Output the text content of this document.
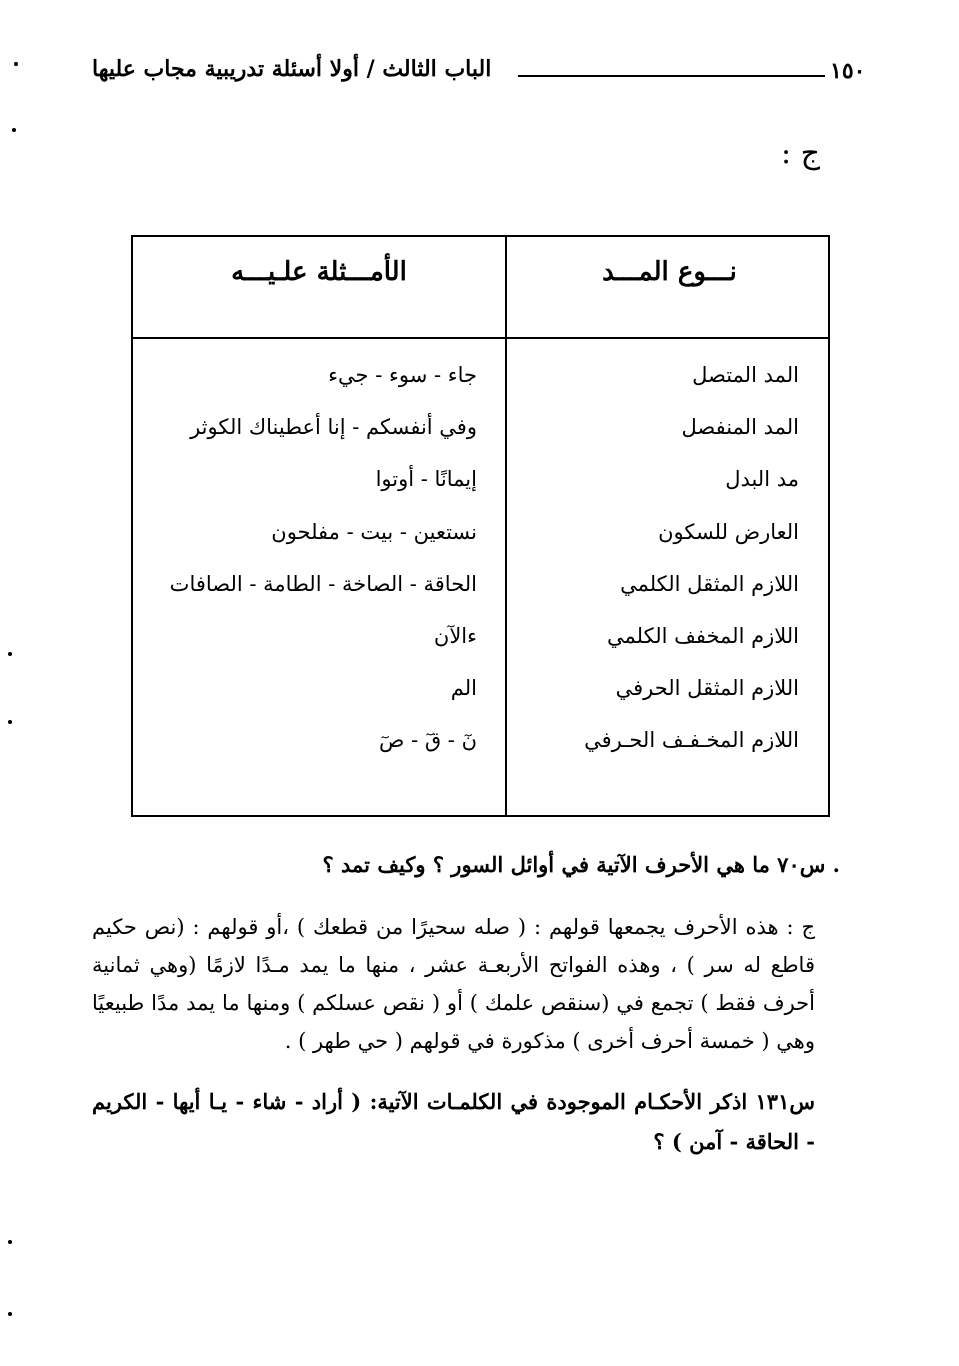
١٥٠
الباب الثالث / أولا أسئلة تدريبية مجاب عليها
ج :
نـــوع المـــد
الأمـــثلة علـيـــه
المد المتصل
المد المنفصل
مد البدل
العارض للسكون
اللازم المثقل الكلمي
اللازم المخفف الكلمي
اللازم المثقل الحرفي
اللازم المخـفـف الحـرفي
جاء - سوء - جيء
وفي أنفسكم - إنا أعطيناك الكوثر
إيمانًا - أوتوا
نستعين - بيت - مفلحون
الحاقة - الصاخة - الطامة - الصافات
ءالآن
الم
نٓ - قٓ - صٓ
. س٧٠ ما هي الأحرف الآتية في أوائل السور ؟ وكيف تمد ؟
ج : هذه الأحرف يجمعها قولهم : ( صله سحيرًا من قطعك ) ،أو قولهم : (نص حكيم قاطع له سر ) ، وهذه الفواتح الأربعـة عشر ، منها ما يمد مـدًا لازمًا (وهي ثمانية أحرف فقط ) تجمع في (سنقص علمك ) أو ( نقص عسلكم ) ومنها ما يمد مدًا طبيعيًا وهي ( خمسة أحرف أخرى ) مذكورة في قولهم ( حي طهر ) .
س١٣١ اذكر الأحكـام الموجودة في الكلمـات الآتية: ( أراد - شاء - يـا أيها - الكريم - الحاقة - آمن ) ؟
